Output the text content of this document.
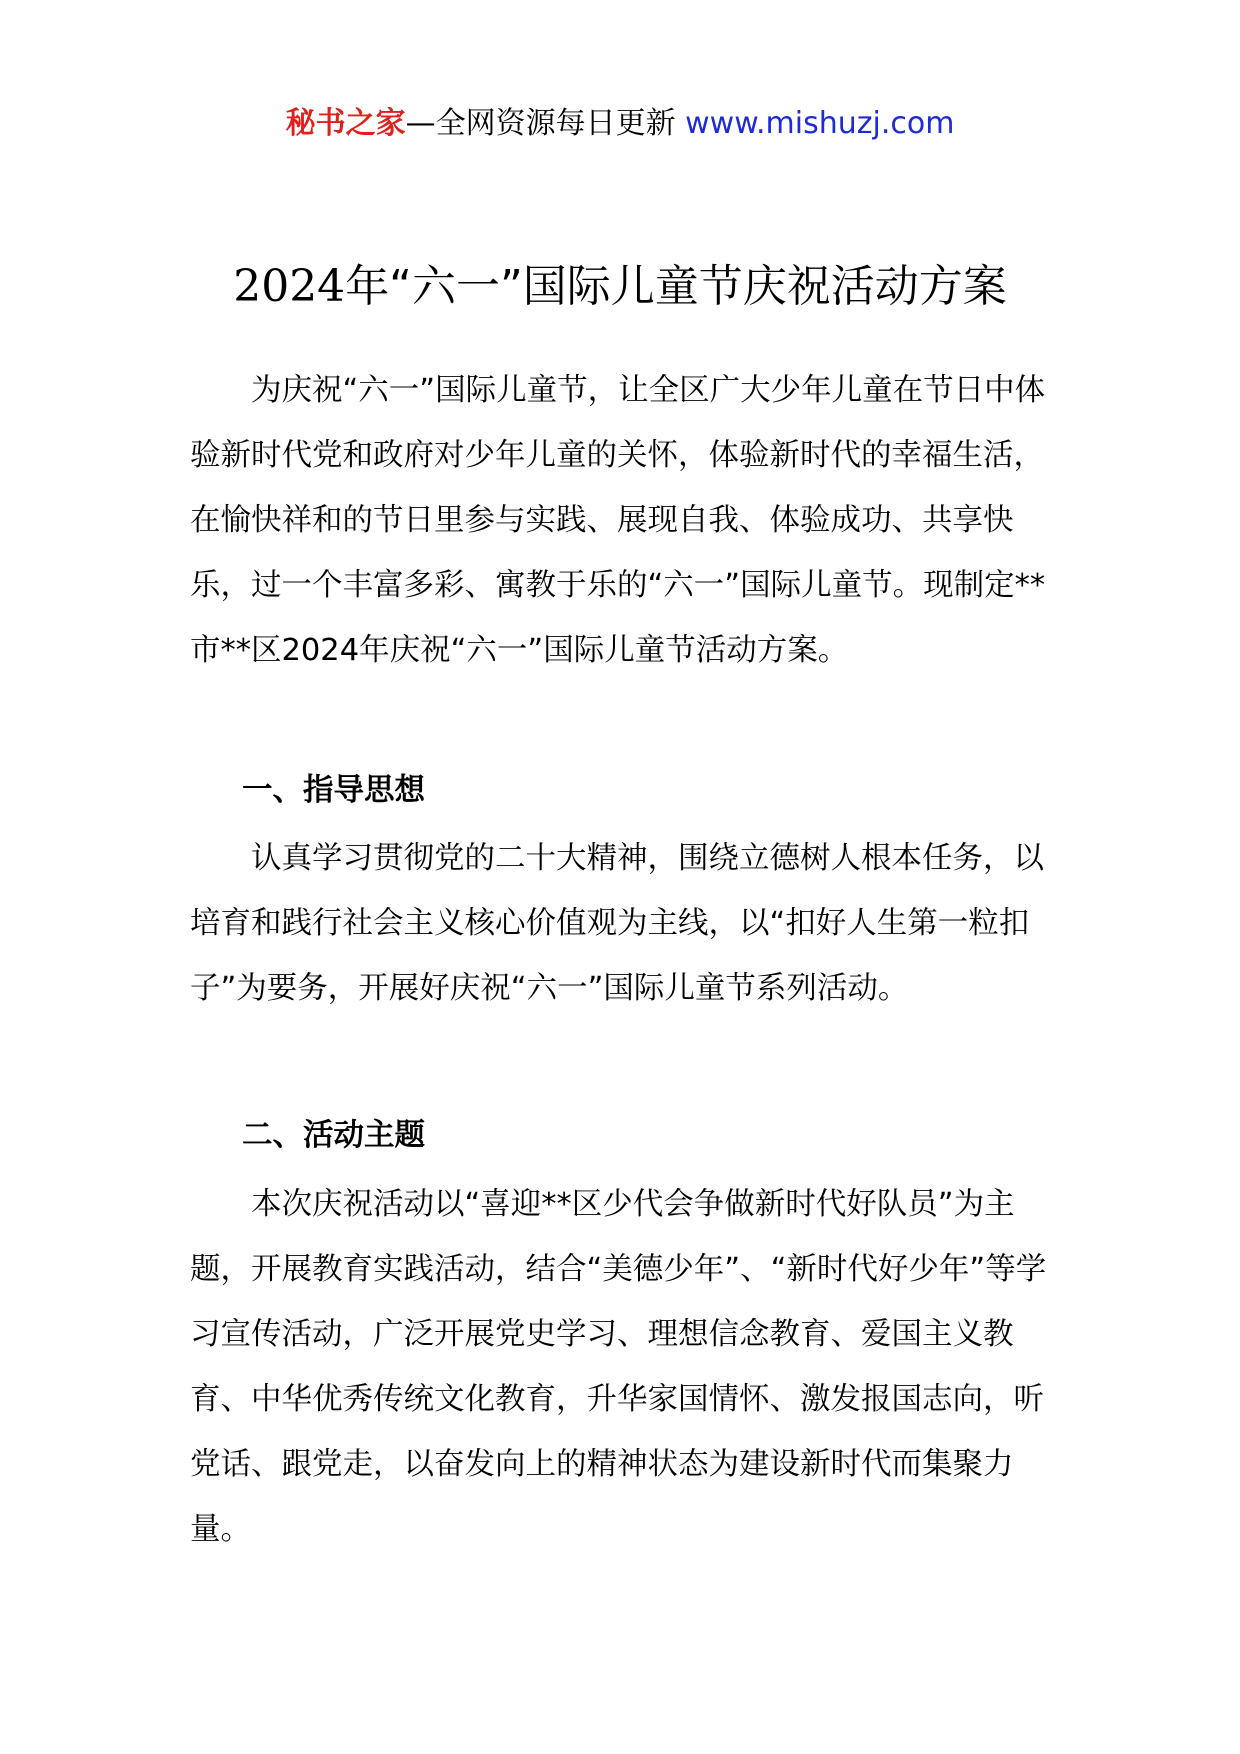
秘书之家—全网资源每日更新 www.mishuzj.com
2024年“六一”国际儿童节庆祝活动方案

为庆祝“六一”国际儿童节，让全区广大少年儿童在节日中体验新时代党和政府对少年儿童的关怀，体验新时代的幸福生活，在愉快祥和的节日里参与实践、展现自我、体验成功、共享快乐，过一个丰富多彩、寓教于乐的“六一”国际儿童节。现制定**市**区2024年庆祝“六一”国际儿童节活动方案。

一、指导思想

认真学习贯彻党的二十大精神，围绕立德树人根本任务，以培育和践行社会主义核心价值观为主线，以“扣好人生第一粒扣子”为要务，开展好庆祝“六一”国际儿童节系列活动。

二、活动主题

本次庆祝活动以“喜迎**区少代会争做新时代好队员”为主题，开展教育实践活动，结合“美德少年”、“新时代好少年”等学习宣传活动，广泛开展党史学习、理想信念教育、爱国主义教育、中华优秀传统文化教育，升华家国情怀、激发报国志向，听党话、跟党走，以奋发向上的精神状态为建设新时代而集聚力量。
